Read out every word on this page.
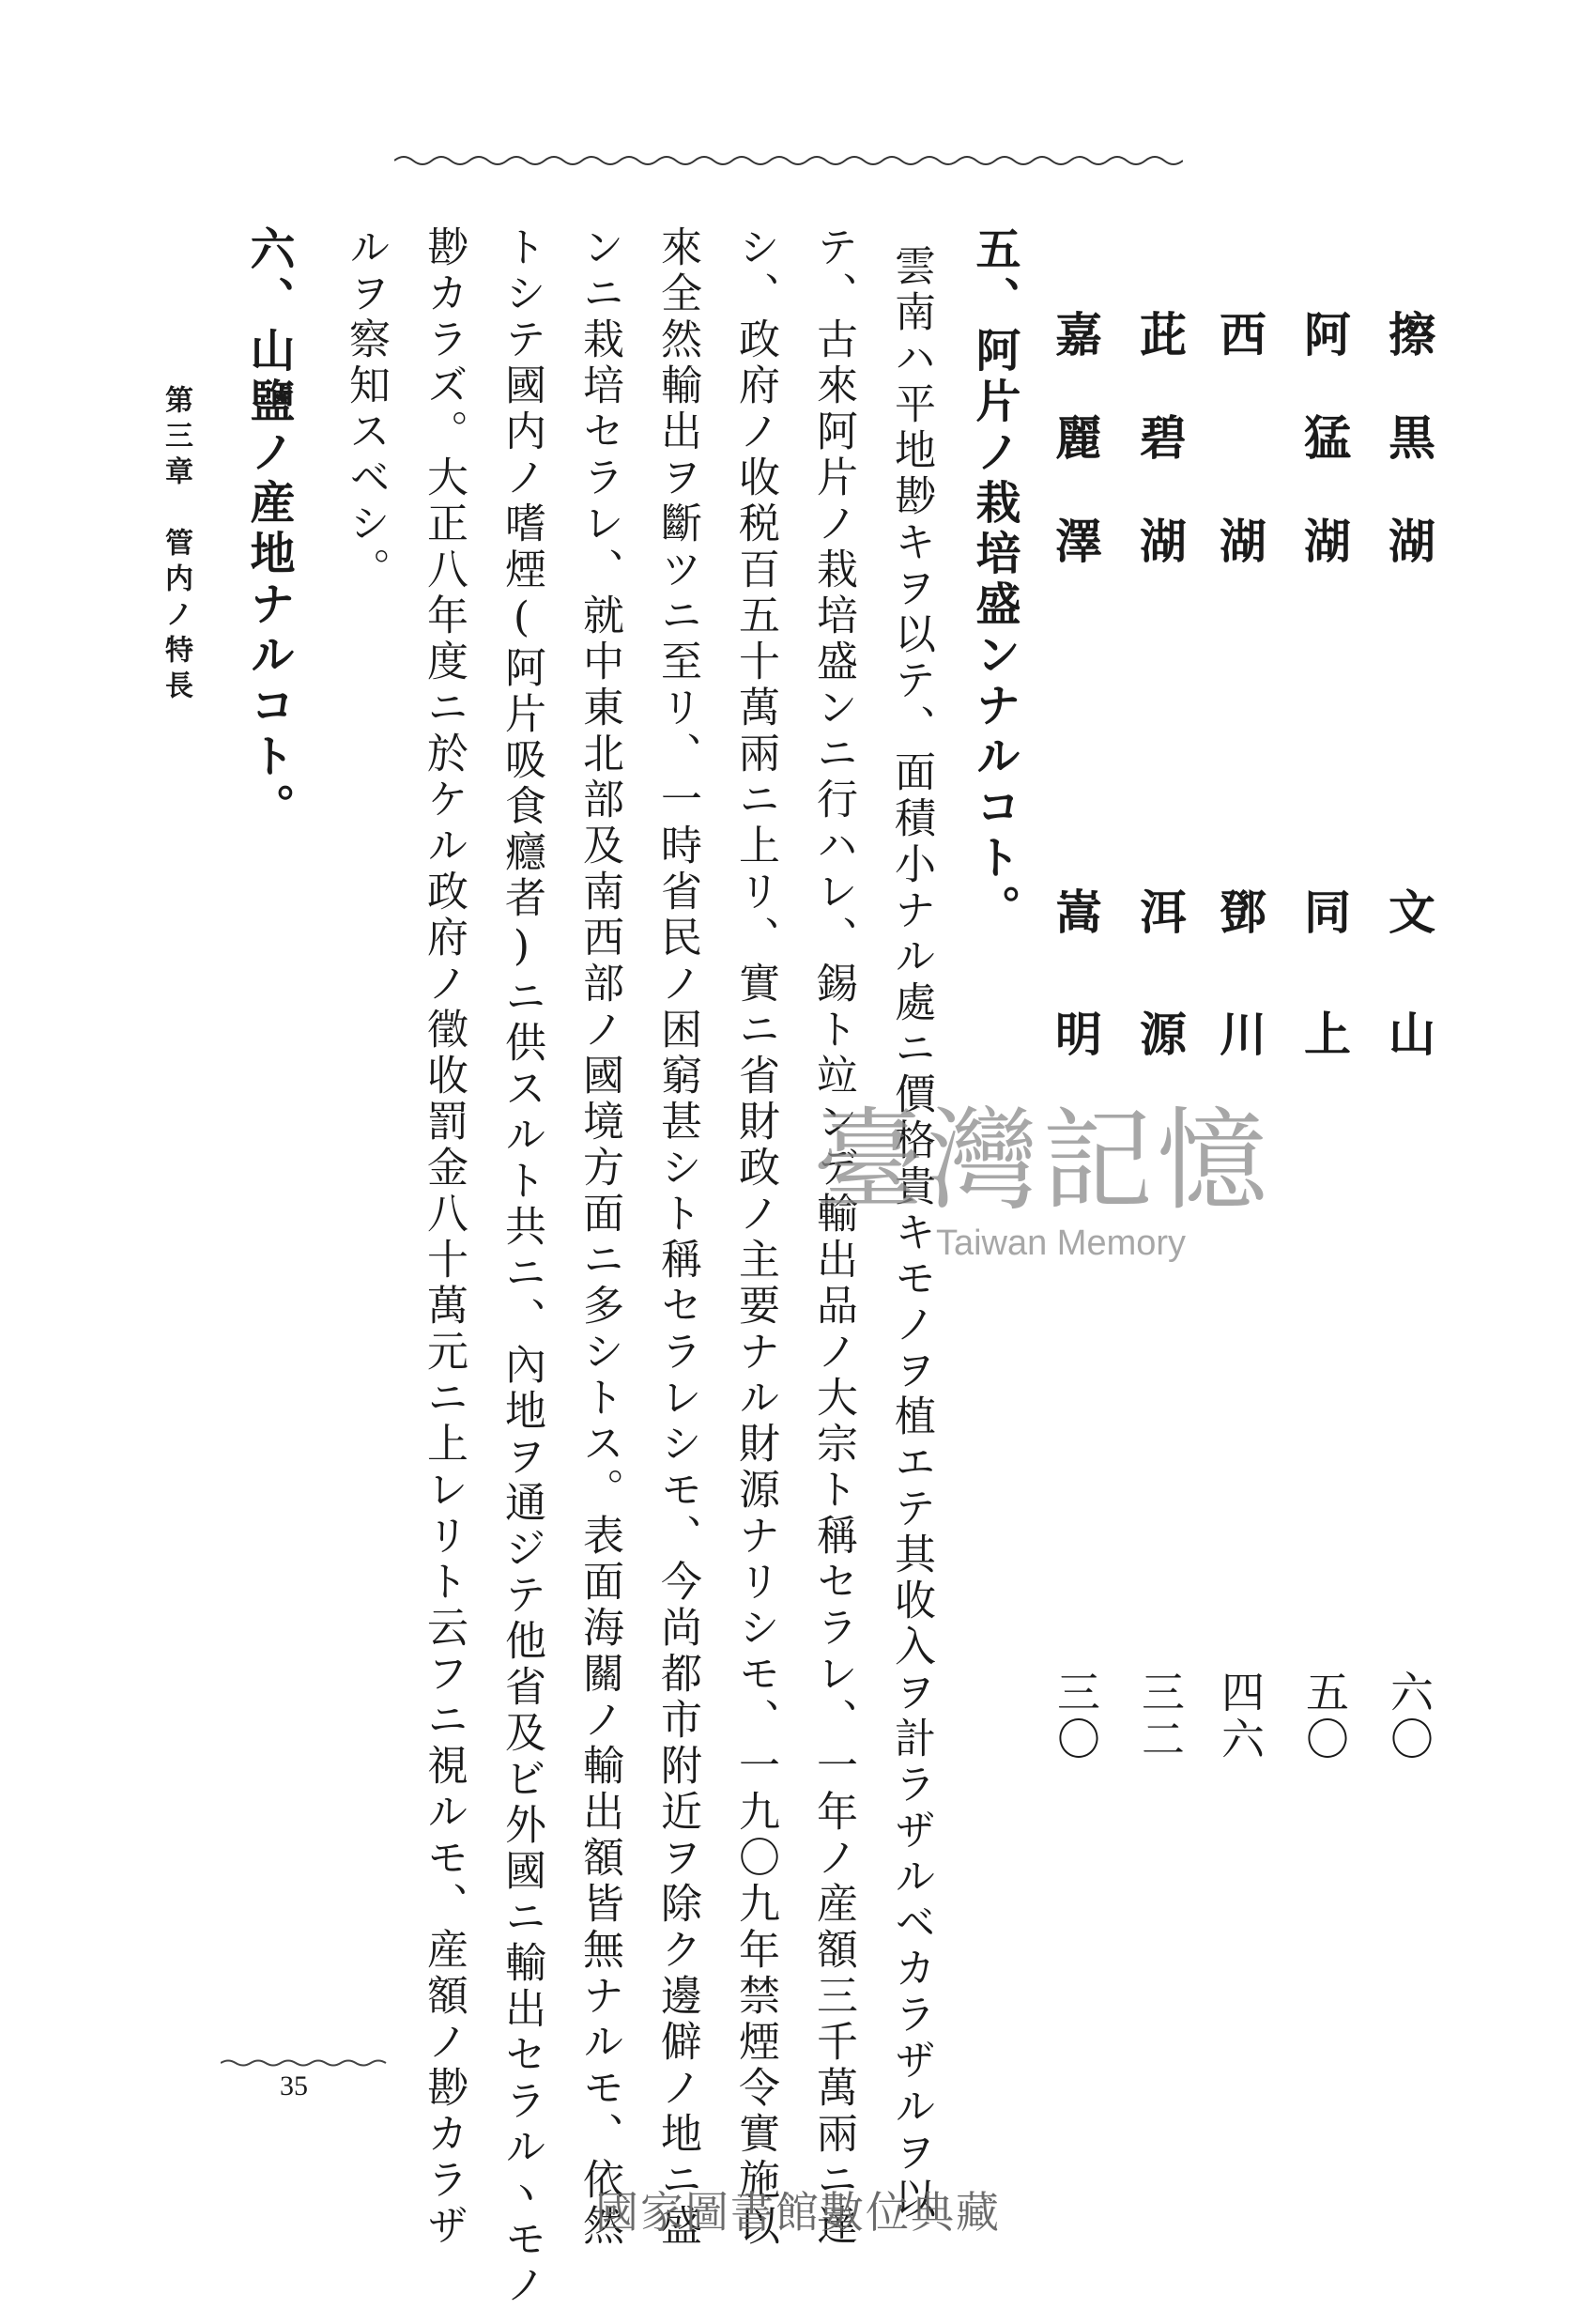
擦黒湖
阿猛湖
西　湖
茈碧湖
嘉麗澤
文山
同上
鄧川
洱源
嵩明
六〇
五〇
四六
三二
三〇
五、阿片ノ栽培盛ンナルコト。
雲南ハ平地尠キヲ以テ、面積小ナル處ニ價格貴キモノヲ植エテ其收入ヲ計ラザルベカラザルヲ以
テ、古來阿片ノ栽培盛ンニ行ハレ、錫ト竝ンデ輸出品ノ大宗ト稱セラレ、一年ノ産額三千萬兩ニ達
シ、政府ノ收税百五十萬兩ニ上リ、實ニ省財政ノ主要ナル財源ナリシモ、一九〇九年禁煙令實施以
來全然輸出ヲ斷ツニ至リ、一時省民ノ困窮甚シト稱セラレシモ、今尚都市附近ヲ除ク邊僻ノ地ニ盛
ンニ栽培セラレ、就中東北部及南西部ノ國境方面ニ多シトス。表面海關ノ輸出額皆無ナルモ、依然
トシテ國内ノ嗜煙(阿片吸食癮者)ニ供スルト共ニ、內地ヲ通ジテ他省及ビ外國ニ輸出セラルヽモノ
尠カラズ。大正八年度ニ於ケル政府ノ徵收罰金八十萬元ニ上レリト云フニ視ルモ、産額ノ尠カラザ
ルヲ察知スベシ。
六、山鹽ノ産地ナルコト。
第三章　管内ノ特長
35
臺灣記憶
Taiwan Memory
國家圖書館數位典藏
